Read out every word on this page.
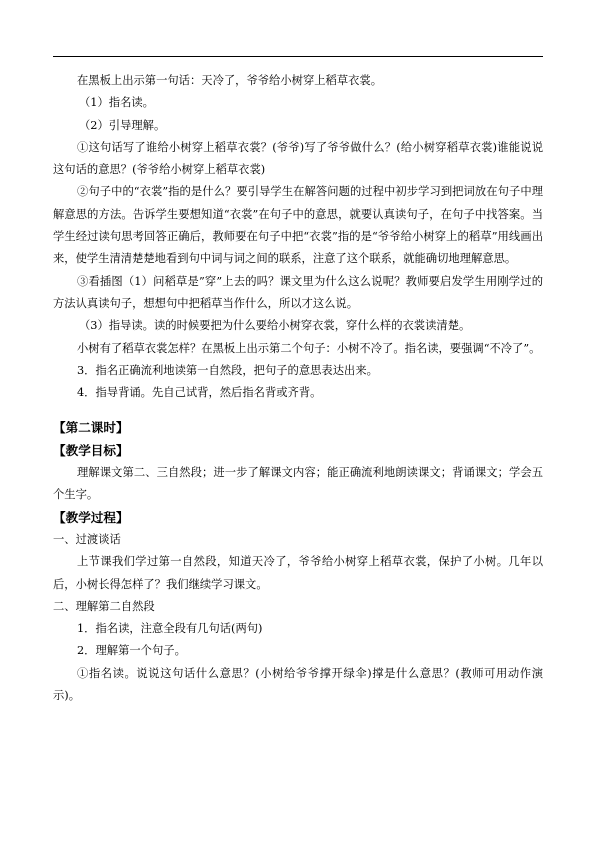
在黑板上出示第一句话：天冷了，爷爷给小树穿上稻草衣裳。

（1）指名读。

（2）引导理解。

①这句话写了谁给小树穿上稻草衣裳？(爷爷)写了爷爷做什么？(给小树穿稻草衣裳)谁能说说这句话的意思？(爷爷给小树穿上稻草衣裳)

②句子中的“衣裳”指的是什么？要引导学生在解答问题的过程中初步学习到把词放在句子中理解意思的方法。告诉学生要想知道“衣裳”在句子中的意思，就要认真读句子，在句子中找答案。当学生经过读句思考回答正确后，教师要在句子中把“衣裳”指的是“爷爷给小树穿上的稻草”用线画出来，使学生清清楚楚地看到句中词与词之间的联系，注意了这个联系，就能确切地理解意思。

③看插图（1）问稻草是”穿”上去的吗？课文里为什么这么说呢？教师要启发学生用刚学过的方法认真读句子，想想句中把稻草当作什么，所以才这么说。

（3）指导读。读的时候要把为什么要给小树穿衣裳，穿什么样的衣裳读清楚。

小树有了稻草衣裳怎样？在黑板上出示第二个句子：小树不冷了。指名读，要强调“不冷了”。

3．指名正确流利地读第一自然段，把句子的意思表达出来。

4．指导背诵。先自己试背，然后指名背或齐背。

【第二课时】

【教学目标】

理解课文第二、三自然段；进一步了解课文内容；能正确流利地朗读课文；背诵课文；学会五个生字。

【教学过程】

一、过渡谈话

上节课我们学过第一自然段，知道天冷了，爷爷给小树穿上稻草衣裳，保护了小树。几年以后，小树长得怎样了？我们继续学习课文。

二、理解第二自然段

1．指名读，注意全段有几句话(两句)

2．理解第一个句子。

①指名读。说说这句话什么意思？(小树给爷爷撑开绿伞)撑是什么意思？(教师可用动作演示)。
